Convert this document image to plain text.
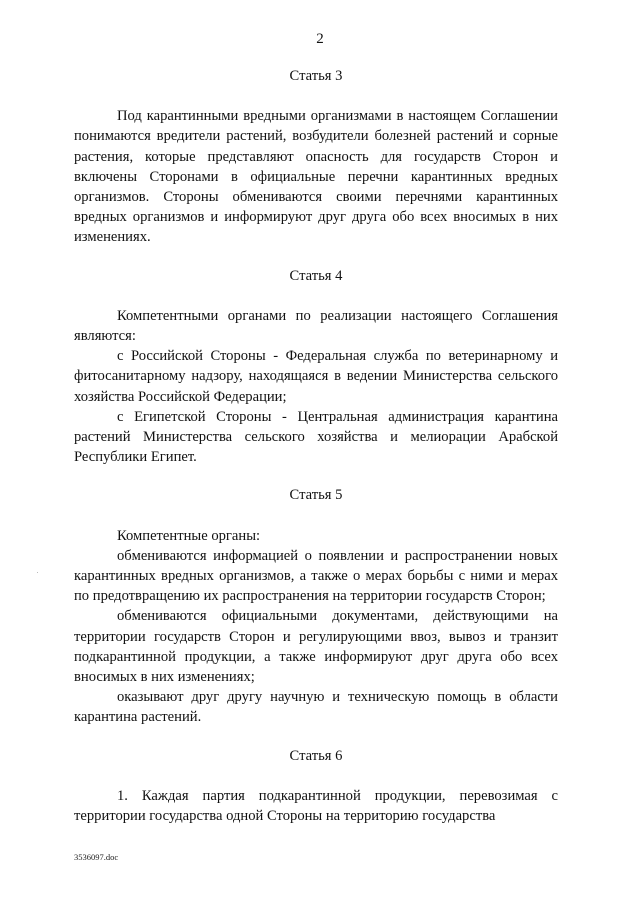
2
Статья 3

Под карантинными вредными организмами в настоящем Соглашении понимаются вредители растений, возбудители болезней растений и сорные растения, которые представляют опасность для государств Сторон и включены Сторонами в официальные перечни карантинных вредных организмов. Стороны обмениваются своими перечнями карантинных вредных организмов и информируют друг друга обо всех вносимых в них изменениях.

Статья 4

Компетентными органами по реализации настоящего Соглашения являются:

с Российской Стороны - Федеральная служба по ветеринарному и фитосанитарному надзору, находящаяся в ведении Министерства сельского хозяйства Российской Федерации;

с Египетской Стороны - Центральная администрация карантина растений Министерства сельского хозяйства и мелиорации Арабской Республики Египет.

Статья 5

Компетентные органы:

обмениваются информацией о появлении и распространении новых карантинных вредных организмов, а также о мерах борьбы с ними и мерах по предотвращению их распространения на территории государств Сторон;

обмениваются официальными документами, действующими на территории государств Сторон и регулирующими ввоз, вывоз и транзит подкарантинной продукции, а также информируют друг друга обо всех вносимых в них изменениях;

оказывают друг другу научную и техническую помощь в области карантина растений.

Статья 6

1. Каждая партия подкарантинной продукции, перевозимая с территории государства одной Стороны на территорию государства

3536097.doc
